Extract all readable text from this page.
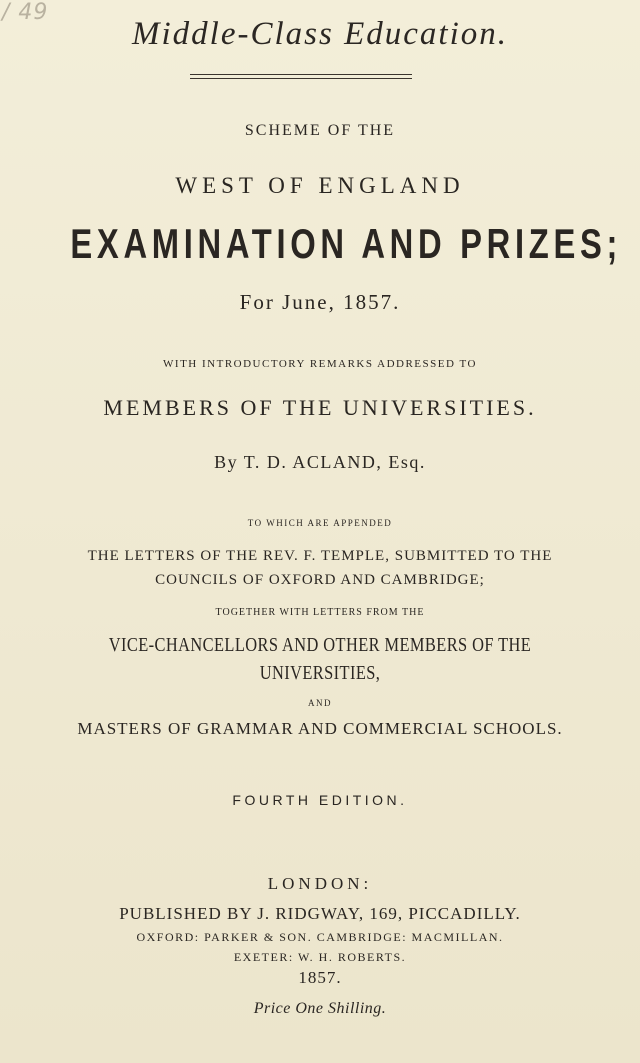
/ 49
Middle-Class Education.
SCHEME OF THE
WEST OF ENGLAND
EXAMINATION AND PRIZES;
For June, 1857.
WITH INTRODUCTORY REMARKS ADDRESSED TO
MEMBERS OF THE UNIVERSITIES.
By T. D. ACLAND, Esq.
TO WHICH ARE APPENDED
THE LETTERS OF THE REV. F. TEMPLE, SUBMITTED TO THE
COUNCILS OF OXFORD AND CAMBRIDGE;
TOGETHER WITH LETTERS FROM THE
VICE-CHANCELLORS AND OTHER MEMBERS OF THE
UNIVERSITIES,
AND
MASTERS OF GRAMMAR AND COMMERCIAL SCHOOLS.
FOURTH EDITION.
LONDON:
PUBLISHED BY J. RIDGWAY, 169, PICCADILLY.
OXFORD: PARKER & SON. CAMBRIDGE: MACMILLAN.
EXETER: W. H. ROBERTS.
1857.
Price One Shilling.
